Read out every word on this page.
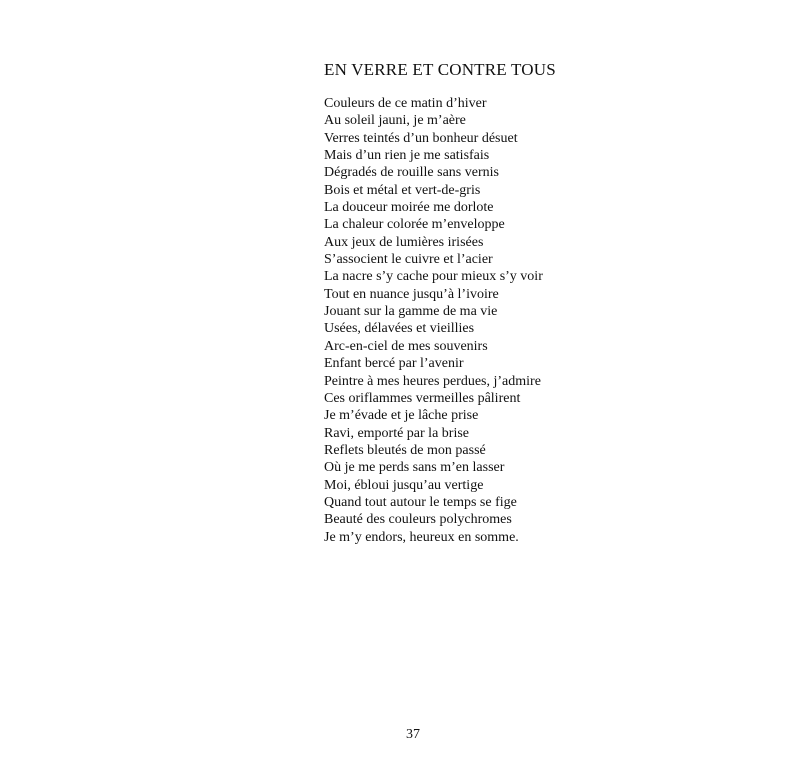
EN VERRE ET CONTRE TOUS
Couleurs de ce matin d’hiver
Au soleil jauni, je m’aère
Verres teintés d’un bonheur désuet
Mais d’un rien je me satisfais
Dégradés de rouille sans vernis
Bois et métal et vert-de-gris
La douceur moirée me dorlote
La chaleur colorée m’enveloppe
Aux jeux de lumières irisées
S’associent le cuivre et l’acier
La nacre s’y cache pour mieux s’y voir
Tout en nuance jusqu’à l’ivoire
Jouant sur la gamme de ma vie
Usées, délavées et vieillies
Arc-en-ciel de mes souvenirs
Enfant bercé par l’avenir
Peintre à mes heures perdues, j’admire
Ces oriflammes vermeilles pâlirent
Je m’évade et je lâche prise
Ravi, emporté par la brise
Reflets bleutés de mon passé
Où je me perds sans m’en lasser
Moi, ébloui jusqu’au vertige
Quand tout autour le temps se fige
Beauté des couleurs polychromes
Je m’y endors, heureux en somme.
37
